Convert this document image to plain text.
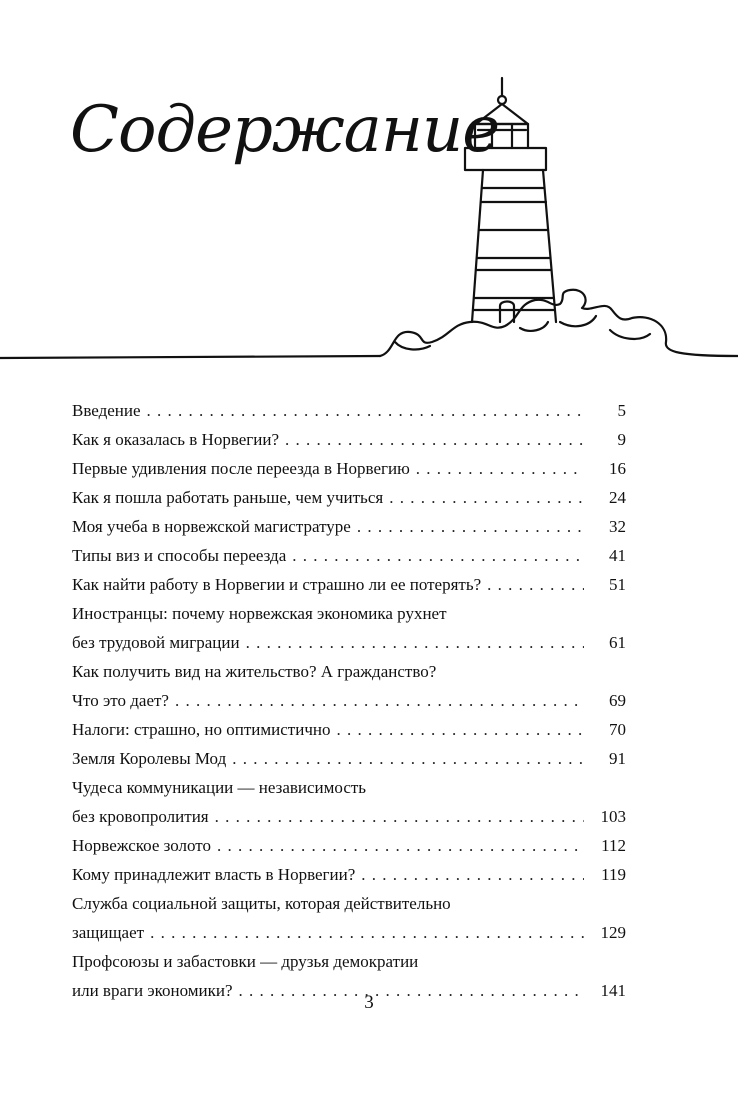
Содержание
Введение . . .	5
Как я оказалась в Норвегии? . . .	9
Первые удивления после переезда в Норвегию . . .	16
Как я пошла работать раньше, чем учиться . . .	24
Моя учеба в норвежской магистратуре . . .	32
Типы виз и способы переезда . . .	41
Как найти работу в Норвегии и страшно ли ее потерять? . . .	51
Иностранцы: почему норвежская экономика рухнет
без трудовой миграции . . .	61
Как получить вид на жительство? А гражданство?
Что это дает? . . .	69
Налоги: страшно, но оптимистично . . .	70
Земля Королевы Мод . . .	91
Чудеса коммуникации — независимость
без кровопролития . . .	103
Норвежское золото . . .	112
Кому принадлежит власть в Норвегии? . . .	119
Служба социальной защиты, которая действительно
защищает . . .	129
Профсоюзы и забастовки — друзья демократии
или враги экономики? . . .	141
3
